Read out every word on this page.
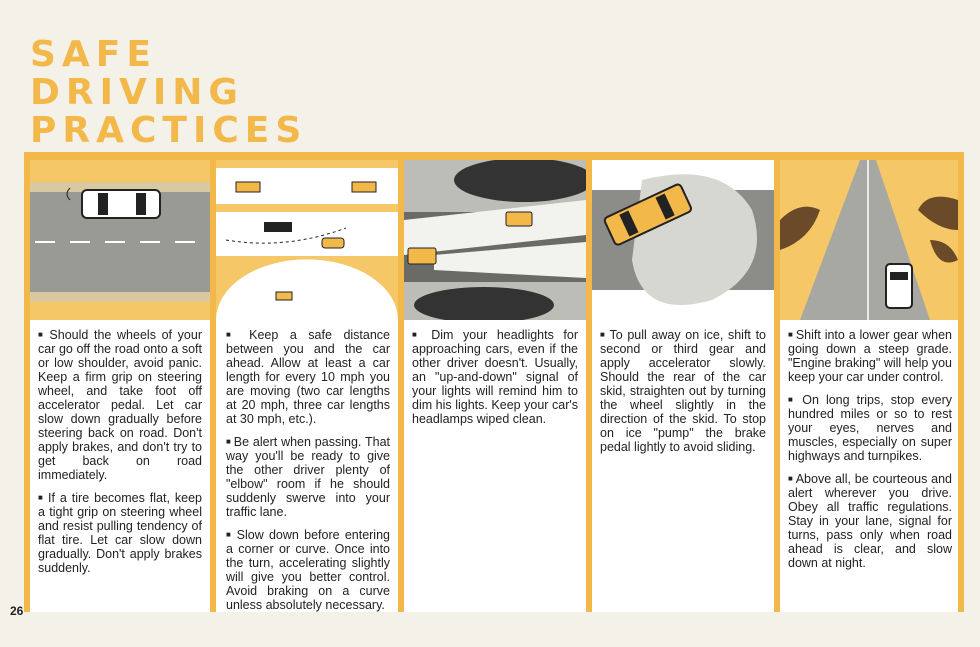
SAFE
DRIVING
PRACTICES

■ Should the wheels of your car go off the road onto a soft or low shoulder, avoid panic. Keep a firm grip on steering wheel, and take foot off accelerator pedal. Let car slow down gradually before steering back on road. Don't apply brakes, and don't try to get back on road immediately.

■ If a tire becomes flat, keep a tight grip on steering wheel and resist pulling tendency of flat tire. Let car slow down gradually. Don't apply brakes suddenly.

■ Keep a safe distance between you and the car ahead. Allow at least a car length for every 10 mph you are moving (two car lengths at 20 mph, three car lengths at 30 mph, etc.).

■ Be alert when passing. That way you'll be ready to give the other driver plenty of "elbow" room if he should suddenly swerve into your traffic lane.

■ Slow down before entering a corner or curve. Once into the turn, accelerating slightly will give you better control. Avoid braking on a curve unless absolutely necessary.

■ Dim your headlights for approaching cars, even if the other driver doesn't. Usually, an "up-and-down" signal of your lights will remind him to dim his lights. Keep your car's headlamps wiped clean.

■ To pull away on ice, shift to second or third gear and apply accelerator slowly. Should the rear of the car skid, straighten out by turning the wheel slightly in the direction of the skid. To stop on ice "pump" the brake pedal lightly to avoid sliding.

■ Shift into a lower gear when going down a steep grade. "Engine braking" will help you keep your car under control.

■ On long trips, stop every hundred miles or so to rest your eyes, nerves and muscles, especially on super highways and turnpikes.

■ Above all, be courteous and alert wherever you drive. Obey all traffic regulations. Stay in your lane, signal for turns, pass only when road ahead is clear, and slow down at night.

26
